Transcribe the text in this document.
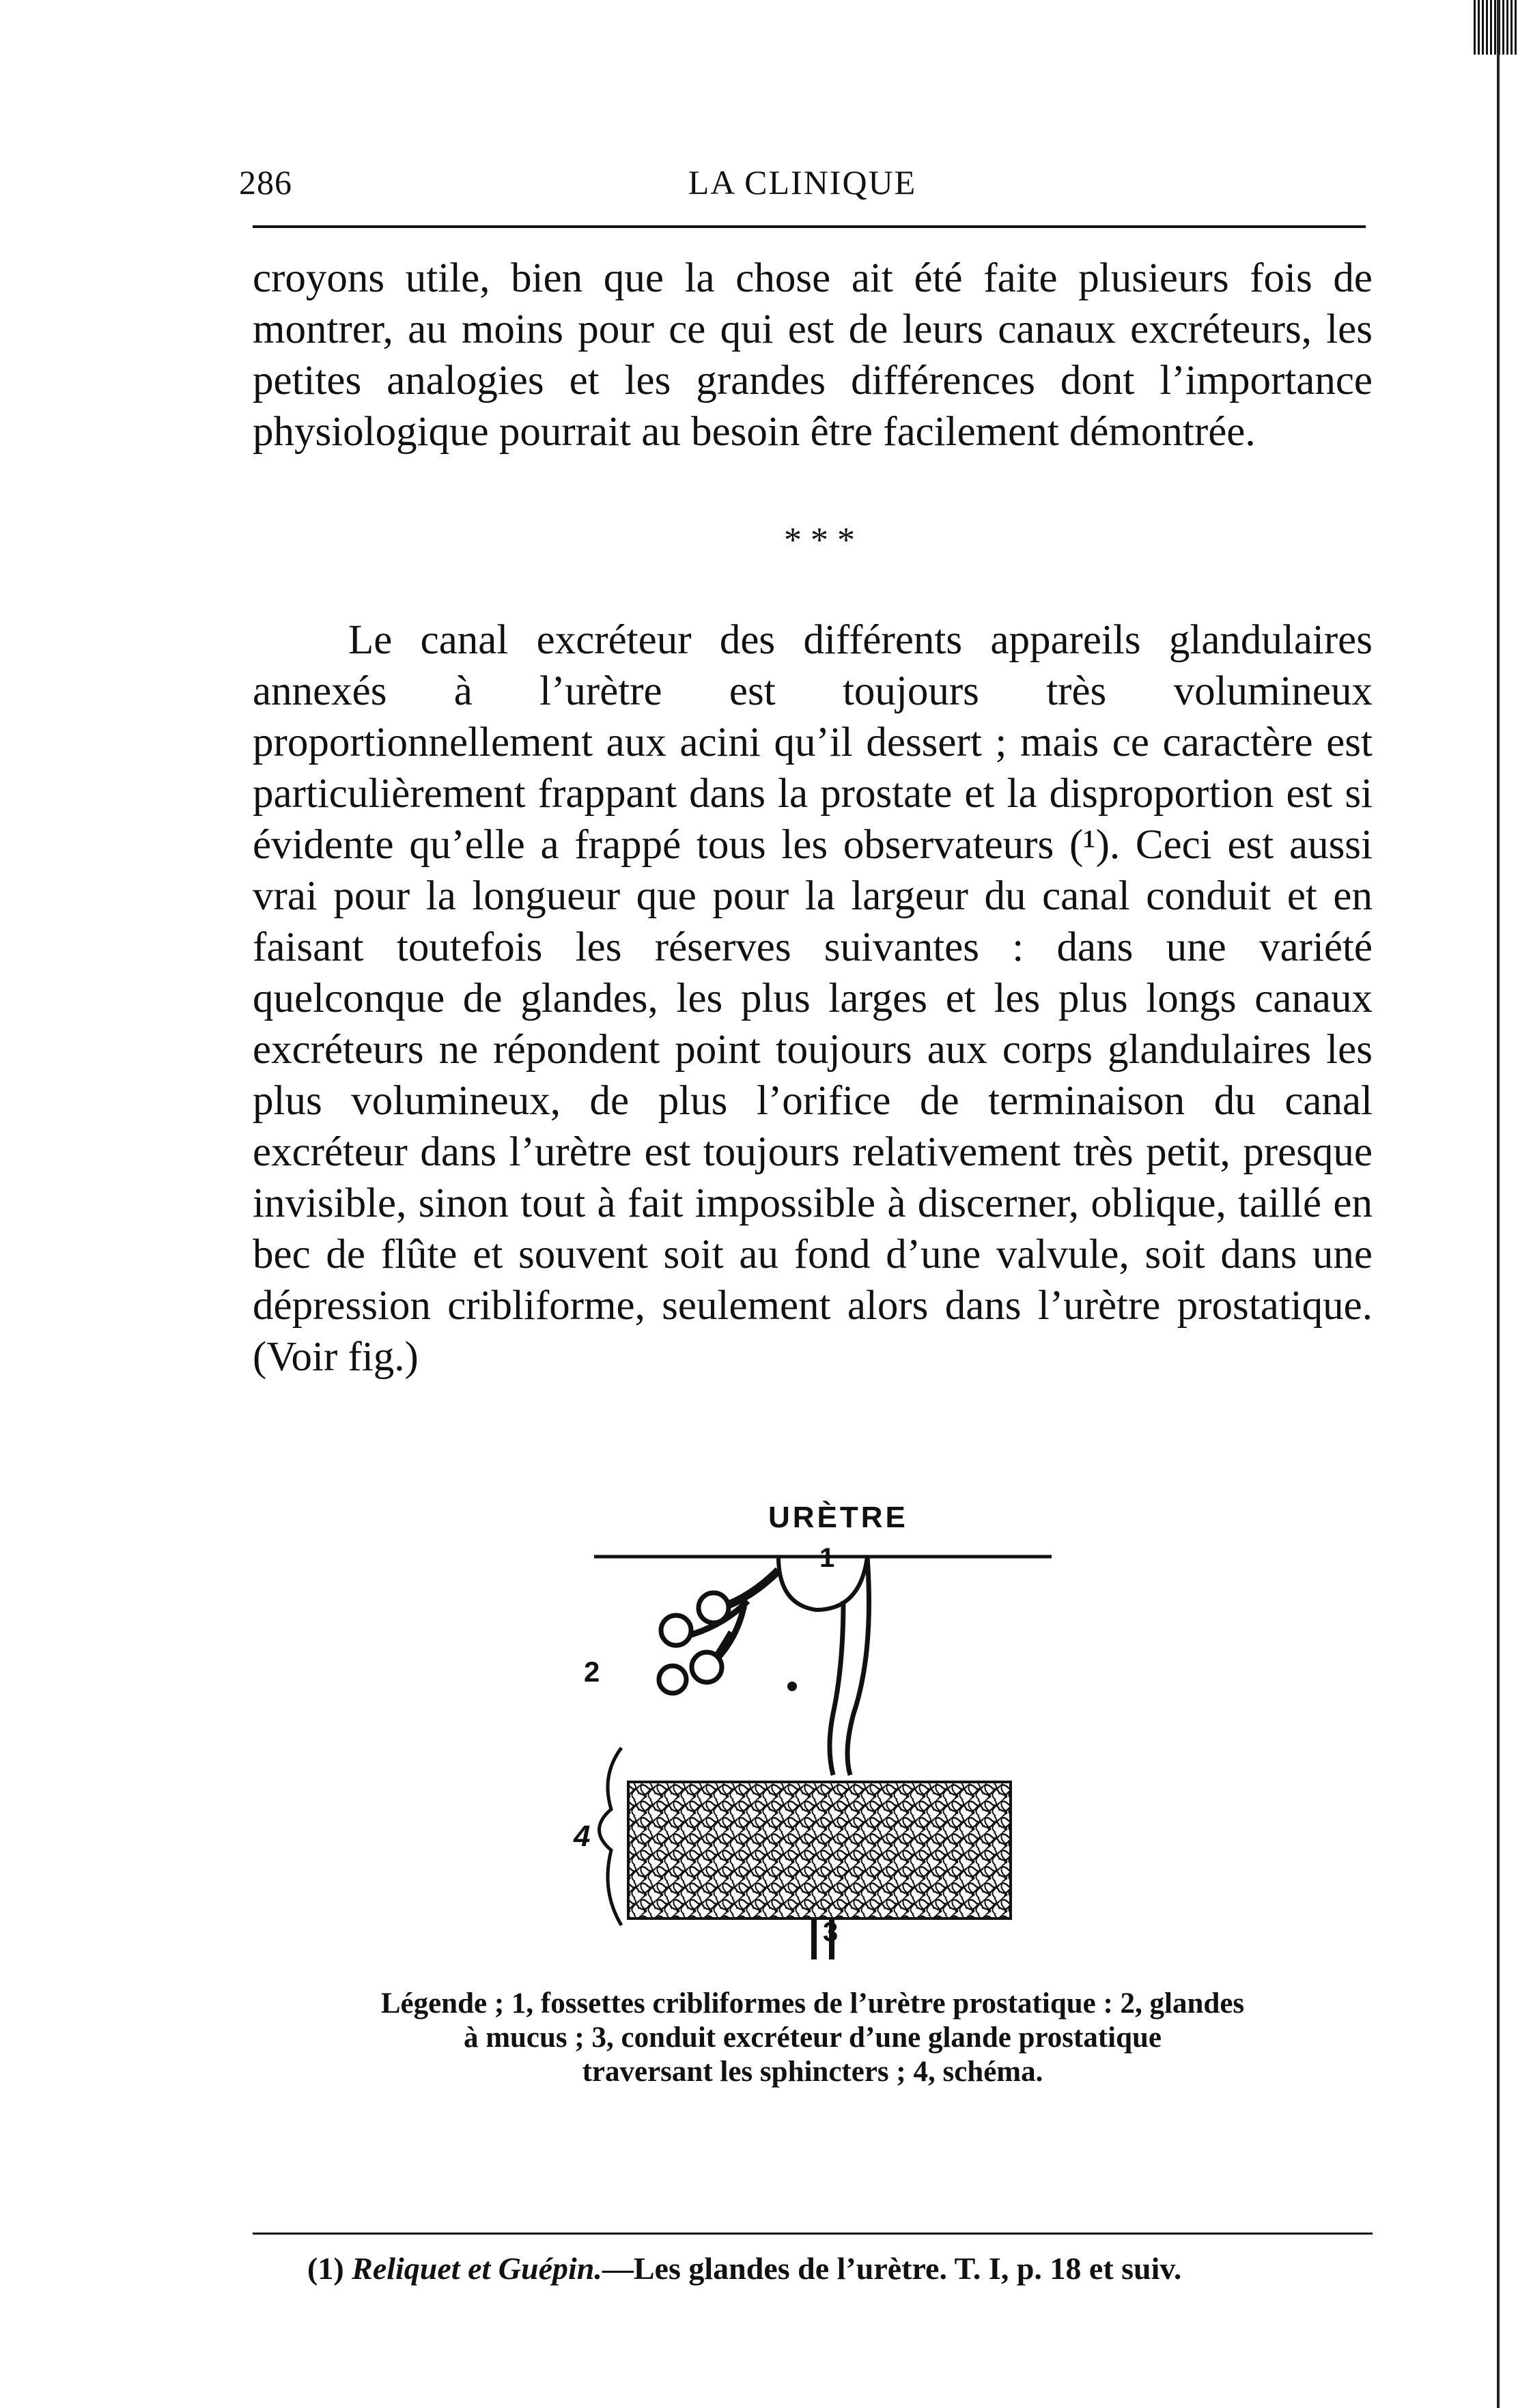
286	LA CLINIQUE

croyons utile, bien que la chose ait été faite plusieurs fois de montrer, au moins pour ce qui est de leurs canaux excréteurs, les petites analogies et les grandes différences dont l’importance physiologique pourrait au besoin être facilement démontrée.

* * *

Le canal excréteur des différents appareils glandulaires annexés à l’urètre est toujours très volumineux proportionnellement aux acini qu’il dessert ; mais ce caractère est particulièrement frappant dans la prostate et la disproportion est si évidente qu’elle a frappé tous les observateurs (¹). Ceci est aussi vrai pour la longueur que pour la largeur du canal conduit et en faisant toutefois les réserves suivantes : dans une variété quelconque de glandes, les plus larges et les plus longs canaux excréteurs ne répondent point toujours aux corps glandulaires les plus volumineux, de plus l’orifice de terminaison du canal excréteur dans l’urètre est toujours relativement très petit, presque invisible, sinon tout à fait impossible à discerner, oblique, taillé en bec de flûte et souvent soit au fond d’une valvule, soit dans une dépression cribliforme, seulement alors dans l’urètre prostatique. (Voir fig.)

URÈTRE
1
2
4
3

Légende ; 1, fossettes cribliformes de l’urètre prostatique : 2, glandes
à mucus ; 3, conduit excréteur d’une glande prostatique
traversant les sphincters ; 4, schéma.

(1) Reliquet et Guépin.—Les glandes de l’urètre. T. I, p. 18 et suiv.
